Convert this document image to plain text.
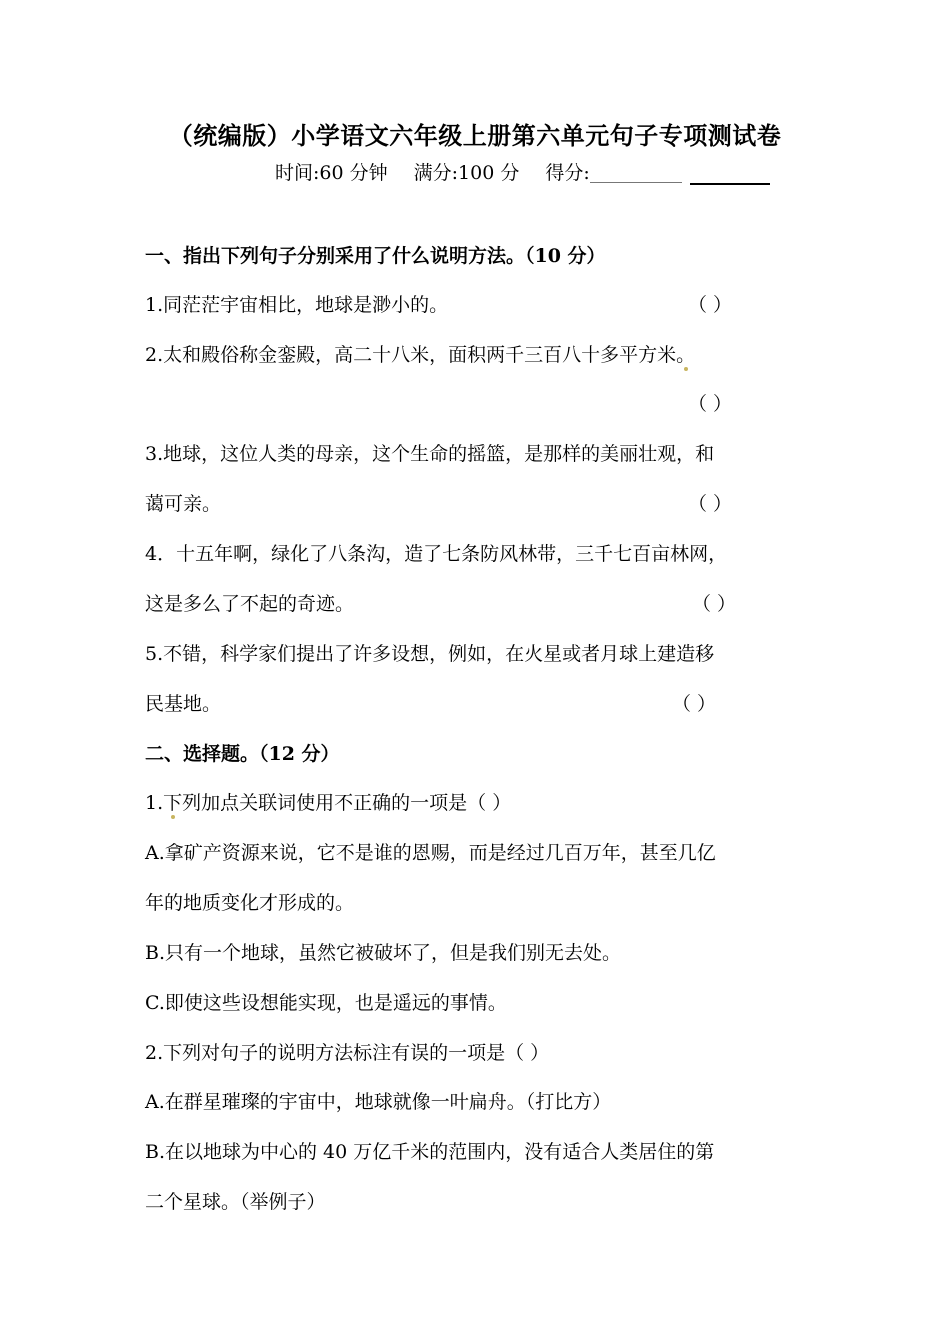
（统编版）小学语文六年级上册第六单元句子专项测试卷
时间:60 分钟 满分:100 分 得分:
一、指出下列句子分别采用了什么说明方法。（10 分）
1.同茫茫宇宙相比，地球是渺小的。	（ ）
2.太和殿俗称金銮殿，高二十八米，面积两千三百八十多平方米。
（ ）
3.地球，这位人类的母亲，这个生命的摇篮，是那样的美丽壮观，和
蔼可亲。	（ ）
4．十五年啊，绿化了八条沟，造了七条防风林带，三千七百亩林网，
这是多么了不起的奇迹。	（ ）
5.不错，科学家们提出了许多设想，例如，在火星或者月球上建造移
民基地。	（ ）
二、选择题。（12 分）
1.下列加点关联词使用不正确的一项是（ ）
A.拿矿产资源来说，它不是谁的恩赐，而是经过几百万年，甚至几亿
年的地质变化才形成的。
B.只有一个地球，虽然它被破坏了，但是我们别无去处。
C.即使这些设想能实现，也是遥远的事情。
2.下列对句子的说明方法标注有误的一项是（ ）
A.在群星璀璨的宇宙中，地球就像一叶扁舟。（打比方）
B.在以地球为中心的 40 万亿千米的范围内，没有适合人类居住的第
二个星球。（举例子）
